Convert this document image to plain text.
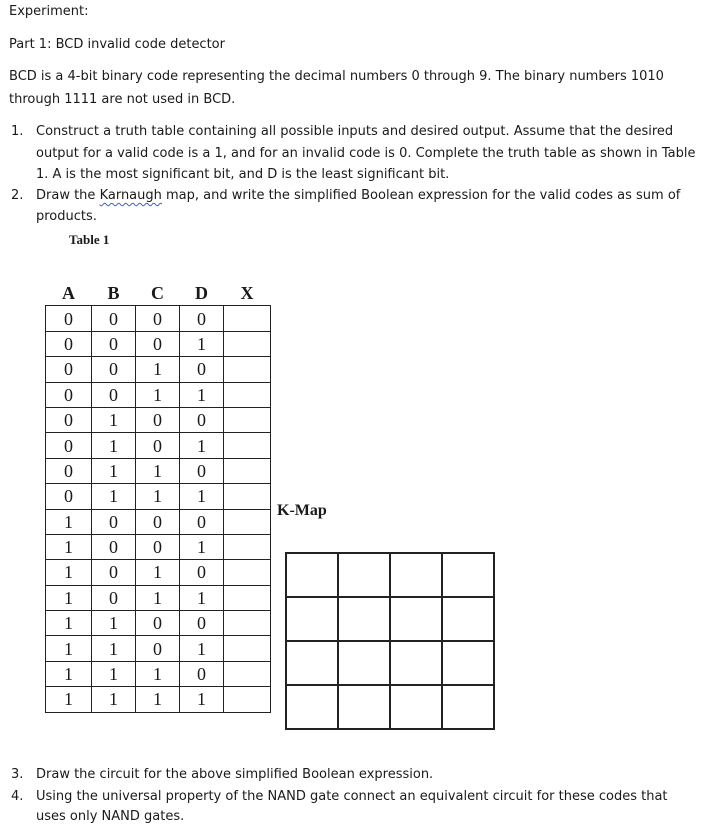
Experiment:
Part 1: BCD invalid code detector
BCD is a 4-bit binary code representing the decimal numbers 0 through 9. The binary numbers 1010
through 1111 are not used in BCD.
1. Construct a truth table containing all possible inputs and desired output. Assume that the desired
output for a valid code is a 1, and for an invalid code is 0. Complete the truth table as shown in Table
1. A is the most significant bit, and D is the least significant bit.
2. Draw the Karnaugh map, and write the simplified Boolean expression for the valid codes as sum of
products.
Table 1
A	B	C	D	X
0	0	0	0	
0	0	0	1	
0	0	1	0	
0	0	1	1	
0	1	0	0	
0	1	0	1	
0	1	1	0	
0	1	1	1	
1	0	0	0	
1	0	0	1	
1	0	1	0	
1	0	1	1	
1	1	0	0	
1	1	0	1	
1	1	1	0	
1	1	1	1	
K-Map

3. Draw the circuit for the above simplified Boolean expression.
4. Using the universal property of the NAND gate connect an equivalent circuit for these codes that
uses only NAND gates.
